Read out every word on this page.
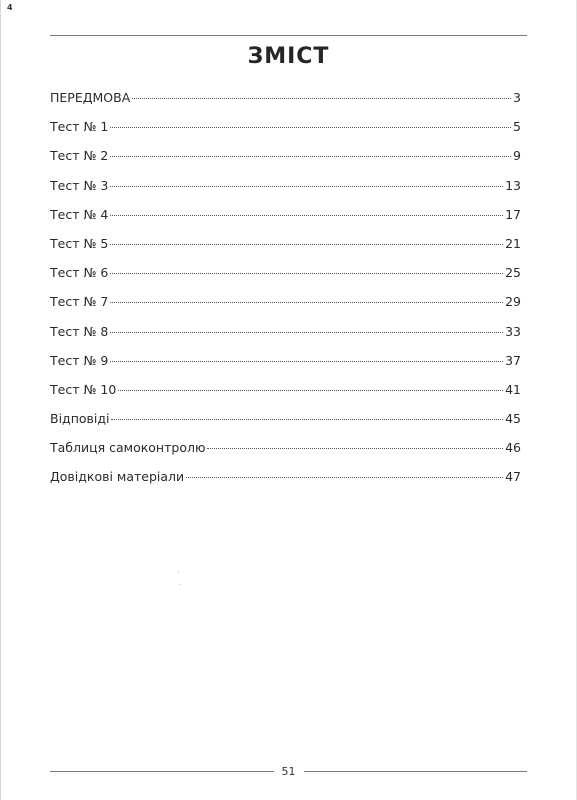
4
ЗМІСТ
ПЕРЕДМОВА	3
Тест № 1	5
Тест № 2	9
Тест № 3	13
Тест № 4	17
Тест № 5	21
Тест № 6	25
Тест № 7	29
Тест № 8	33
Тест № 9	37
Тест № 10	41
Відповіді	45
Таблиця самоконтролю	46
Довідкові матеріали	47
51
